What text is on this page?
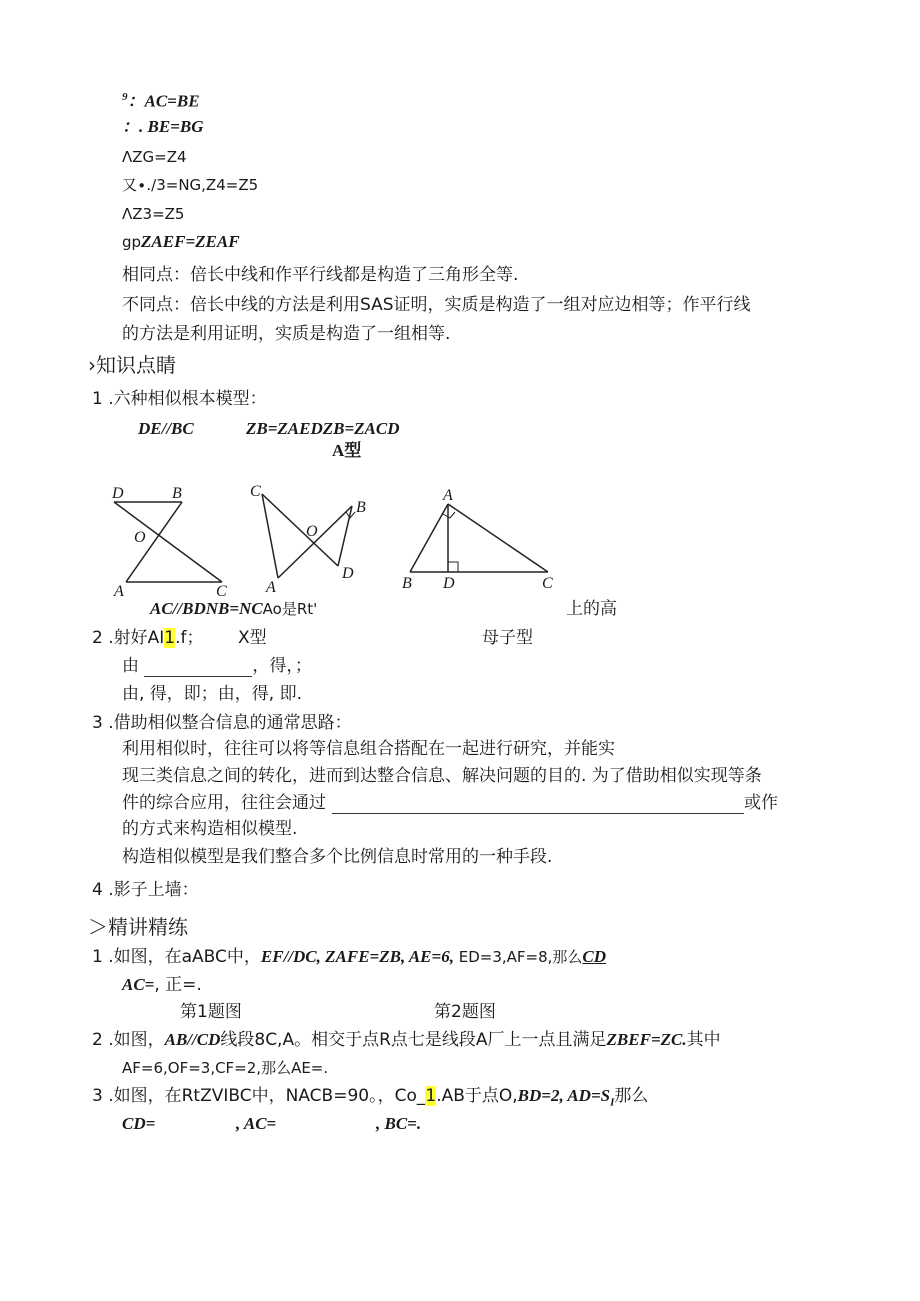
$^9$：AC=BE
：. BE=BG
ΛZG=Z4
又∙.∕3=NG,Z4=Z5
ΛZ3=Z5
gpZAEF=ZEAF
相同点：倍长中线和作平行线都是构造了三角形全等.
不同点：倍长中线的方法是利用SAS证明，实质是构造了一组对应边相等；作平行线
的方法是利用证明，实质是构造了一组相等.
›知识点睛
1 .六种相似根本模型：
DE//BC	ZB=ZAEDZB=ZACD
A型
D	B
O
A	C
C
B
O
A
D
A
B D	C
AC//BDNB=NCAo是Rt'	上的高
2 .射好AI1.f； X型	母子型
由	，得，；
由, 得，即；由，得, 即.
3 .借助相似整合信息的通常思路：
利用相似时，往往可以将等信息组合搭配在一起进行研究，并能实
现三类信息之间的转化，进而到达整合信息、解决问题的目的. 为了借助相似实现等条
件的综合应用，往往会通过	或作
的方式来构造相似模型.
构造相似模型是我们整合多个比例信息时常用的一种手段.
4 .影子上墙：
＞精讲精练
1 .如图，在aABC中，EF//DC, ZAFE=ZB, AE=6, ED=3,AF=8,那么CD
AC=, 正=.
第1题图	第2题图
2 .如图，AB//CD线段8C,A。相交于点R点七是线段A厂上一点且满足ZBEF=ZC.其中
AF=6,OF=3,CF=2,那么AE=.
3 .如图，在RtZVIBC中，NACB=90。，Co_1.AB于点O,BD=2, $AD=S_I$那么
CD=	, AC=	, BC=.
